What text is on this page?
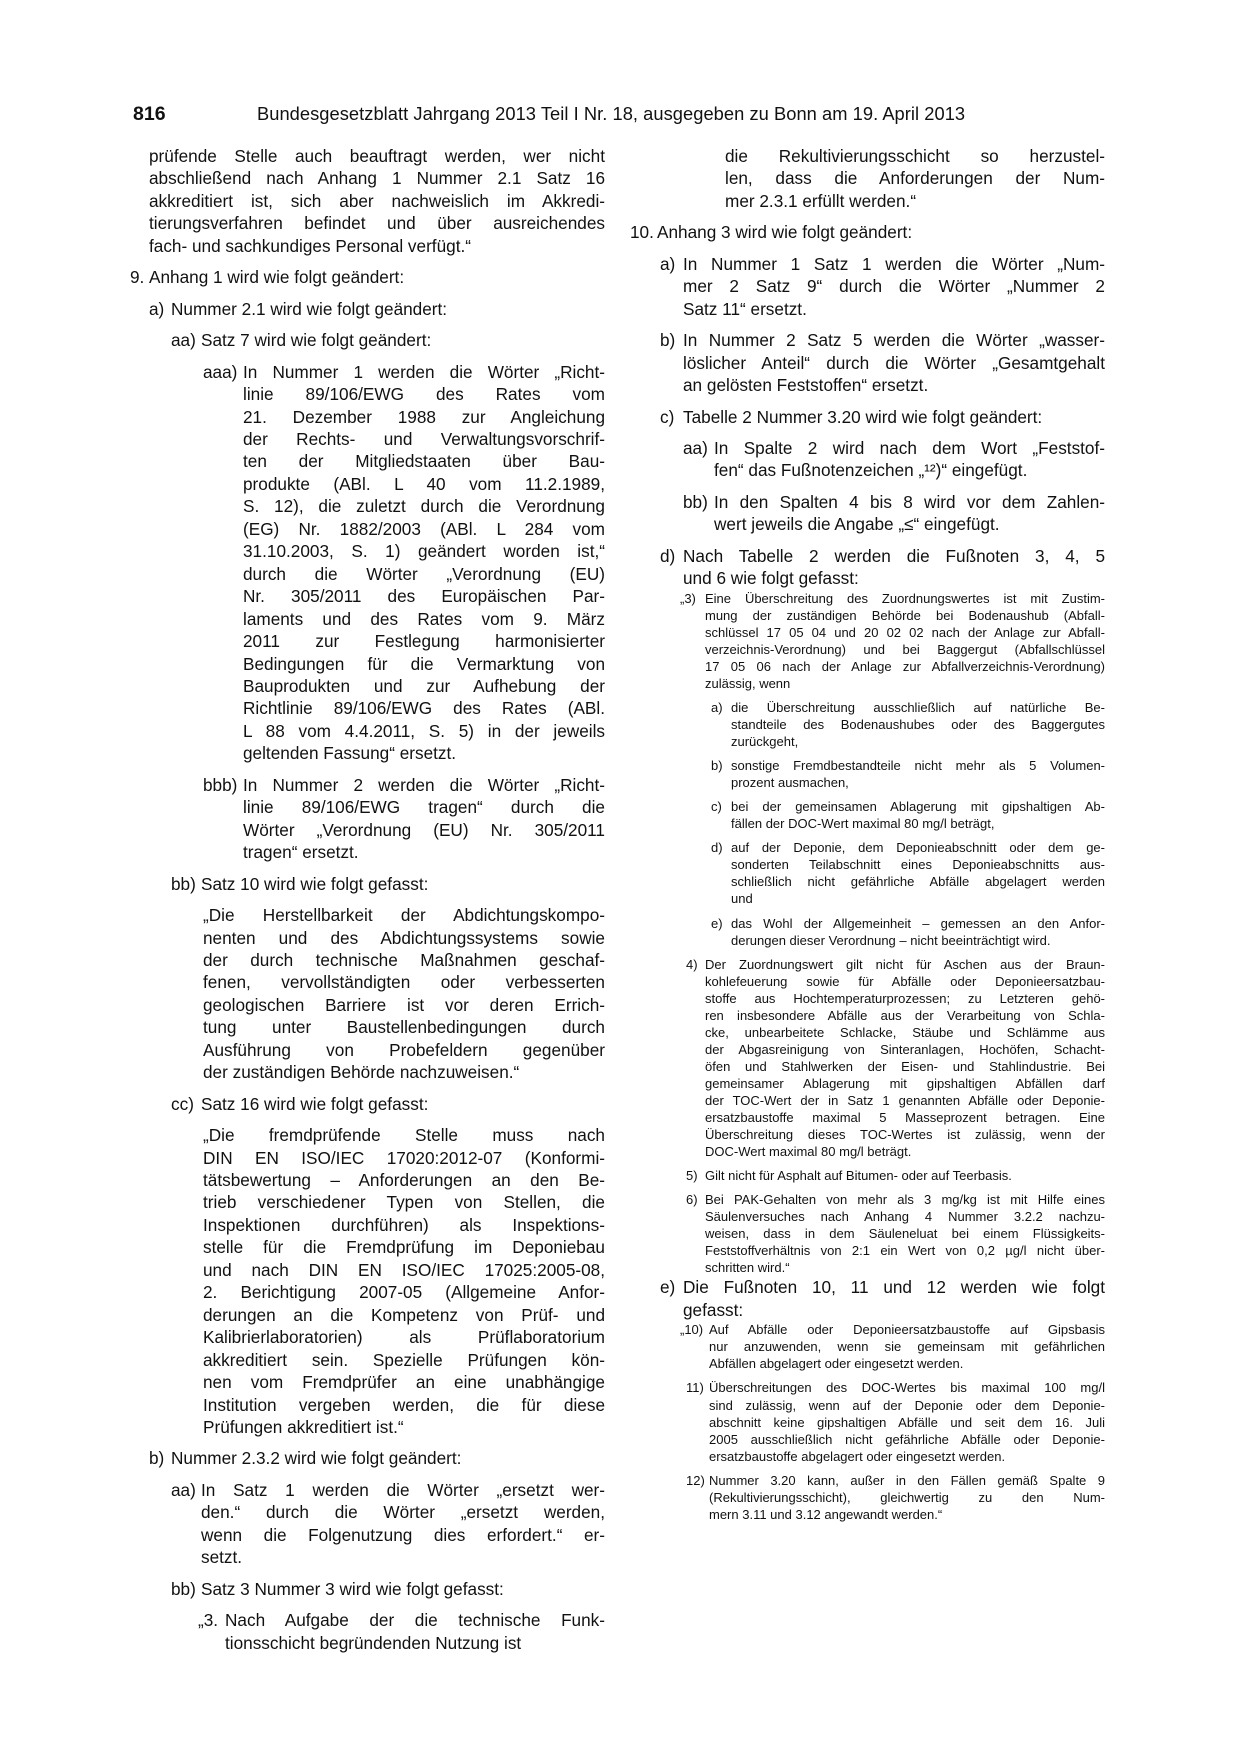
816	Bundesgesetzblatt Jahrgang 2013 Teil I Nr. 18, ausgegeben zu Bonn am 19. April 2013
prüfende Stelle auch beauftragt werden, wer nicht
abschließend nach Anhang 1 Nummer 2.1 Satz 16
akkreditiert ist, sich aber nachweislich im Akkredi-
tierungsverfahren befindet und über ausreichendes
fach- und sachkundiges Personal verfügt.“
9. Anhang 1 wird wie folgt geändert:
a) Nummer 2.1 wird wie folgt geändert:
aa) Satz 7 wird wie folgt geändert:
aaa) In Nummer 1 werden die Wörter „Richt-
linie 89/106/EWG des Rates vom
21. Dezember 1988 zur Angleichung
der Rechts- und Verwaltungsvorschrif-
ten der Mitgliedstaaten über Bau-
produkte (ABl. L 40 vom 11.2.1989,
S. 12), die zuletzt durch die Verordnung
(EG) Nr. 1882/2003 (ABl. L 284 vom
31.10.2003, S. 1) geändert worden ist,“
durch die Wörter „Verordnung (EU)
Nr. 305/2011 des Europäischen Par-
laments und des Rates vom 9. März
2011 zur Festlegung harmonisierter
Bedingungen für die Vermarktung von
Bauprodukten und zur Aufhebung der
Richtlinie 89/106/EWG des Rates (ABl.
L 88 vom 4.4.2011, S. 5) in der jeweils
geltenden Fassung“ ersetzt.
bbb) In Nummer 2 werden die Wörter „Richt-
linie 89/106/EWG tragen“ durch die
Wörter „Verordnung (EU) Nr. 305/2011
tragen“ ersetzt.
bb) Satz 10 wird wie folgt gefasst:
„Die Herstellbarkeit der Abdichtungskompo-
nenten und des Abdichtungssystems sowie
der durch technische Maßnahmen geschaf-
fenen, vervollständigten oder verbesserten
geologischen Barriere ist vor deren Errich-
tung unter Baustellenbedingungen durch
Ausführung von Probefeldern gegenüber
der zuständigen Behörde nachzuweisen.“
cc) Satz 16 wird wie folgt gefasst:
„Die fremdprüfende Stelle muss nach
DIN EN ISO/IEC 17020:2012-07 (Konformi-
tätsbewertung – Anforderungen an den Be-
trieb verschiedener Typen von Stellen, die
Inspektionen durchführen) als Inspektions-
stelle für die Fremdprüfung im Deponiebau
und nach DIN EN ISO/IEC 17025:2005-08,
2. Berichtigung 2007-05 (Allgemeine Anfor-
derungen an die Kompetenz von Prüf- und
Kalibrierlaboratorien) als Prüflaboratorium
akkreditiert sein. Spezielle Prüfungen kön-
nen vom Fremdprüfer an eine unabhängige
Institution vergeben werden, die für diese
Prüfungen akkreditiert ist.“
b) Nummer 2.3.2 wird wie folgt geändert:
aa) In Satz 1 werden die Wörter „ersetzt wer-
den.“ durch die Wörter „ersetzt werden,
wenn die Folgenutzung dies erfordert.“ er-
setzt.
bb) Satz 3 Nummer 3 wird wie folgt gefasst:
„3. Nach Aufgabe der die technische Funk-
tionsschicht begründenden Nutzung ist
die Rekultivierungsschicht so herzustel-
len, dass die Anforderungen der Num-
mer 2.3.1 erfüllt werden.“
10. Anhang 3 wird wie folgt geändert:
a) In Nummer 1 Satz 1 werden die Wörter „Num-
mer 2 Satz 9“ durch die Wörter „Nummer 2
Satz 11“ ersetzt.
b) In Nummer 2 Satz 5 werden die Wörter „wasser-
löslicher Anteil“ durch die Wörter „Gesamtgehalt
an gelösten Feststoffen“ ersetzt.
c) Tabelle 2 Nummer 3.20 wird wie folgt geändert:
aa) In Spalte 2 wird nach dem Wort „Feststof-
fen“ das Fußnotenzeichen „¹²)“ eingefügt.
bb) In den Spalten 4 bis 8 wird vor dem Zahlen-
wert jeweils die Angabe „≤“ eingefügt.
d) Nach Tabelle 2 werden die Fußnoten 3, 4, 5
und 6 wie folgt gefasst:
„3) Eine Überschreitung des Zuordnungswertes ist mit Zustim-
mung der zuständigen Behörde bei Bodenaushub (Abfall-
schlüssel 17 05 04 und 20 02 02 nach der Anlage zur Abfall-
verzeichnis-Verordnung) und bei Baggergut (Abfallschlüssel
17 05 06 nach der Anlage zur Abfallverzeichnis-Verordnung)
zulässig, wenn
a) die Überschreitung ausschließlich auf natürliche Be-
standteile des Bodenaushubes oder des Baggergutes
zurückgeht,
b) sonstige Fremdbestandteile nicht mehr als 5 Volumen-
prozent ausmachen,
c) bei der gemeinsamen Ablagerung mit gipshaltigen Ab-
fällen der DOC-Wert maximal 80 mg/l beträgt,
d) auf der Deponie, dem Deponieabschnitt oder dem ge-
sonderten Teilabschnitt eines Deponieabschnitts aus-
schließlich nicht gefährliche Abfälle abgelagert werden
und
e) das Wohl der Allgemeinheit – gemessen an den Anfor-
derungen dieser Verordnung – nicht beeinträchtigt wird.
4) Der Zuordnungswert gilt nicht für Aschen aus der Braun-
kohlefeuerung sowie für Abfälle oder Deponieersatzbau-
stoffe aus Hochtemperaturprozessen; zu Letzteren gehö-
ren insbesondere Abfälle aus der Verarbeitung von Schla-
cke, unbearbeitete Schlacke, Stäube und Schlämme aus
der Abgasreinigung von Sinteranlagen, Hochöfen, Schacht-
öfen und Stahlwerken der Eisen- und Stahlindustrie. Bei
gemeinsamer Ablagerung mit gipshaltigen Abfällen darf
der TOC-Wert der in Satz 1 genannten Abfälle oder Deponie-
ersatzbaustoffe maximal 5 Masseprozent betragen. Eine
Überschreitung dieses TOC-Wertes ist zulässig, wenn der
DOC-Wert maximal 80 mg/l beträgt.
5) Gilt nicht für Asphalt auf Bitumen- oder auf Teerbasis.
6) Bei PAK-Gehalten von mehr als 3 mg/kg ist mit Hilfe eines
Säulenversuches nach Anhang 4 Nummer 3.2.2 nachzu-
weisen, dass in dem Säuleneluat bei einem Flüssigkeits-
Feststoffverhältnis von 2:1 ein Wert von 0,2 µg/l nicht über-
schritten wird.“
e) Die Fußnoten 10, 11 und 12 werden wie folgt
gefasst:
„10) Auf Abfälle oder Deponieersatzbaustoffe auf Gipsbasis
nur anzuwenden, wenn sie gemeinsam mit gefährlichen
Abfällen abgelagert oder eingesetzt werden.
11) Überschreitungen des DOC-Wertes bis maximal 100 mg/l
sind zulässig, wenn auf der Deponie oder dem Deponie-
abschnitt keine gipshaltigen Abfälle und seit dem 16. Juli
2005 ausschließlich nicht gefährliche Abfälle oder Deponie-
ersatzbaustoffe abgelagert oder eingesetzt werden.
12) Nummer 3.20 kann, außer in den Fällen gemäß Spalte 9
(Rekultivierungsschicht), gleichwertig zu den Num-
mern 3.11 und 3.12 angewandt werden.“
